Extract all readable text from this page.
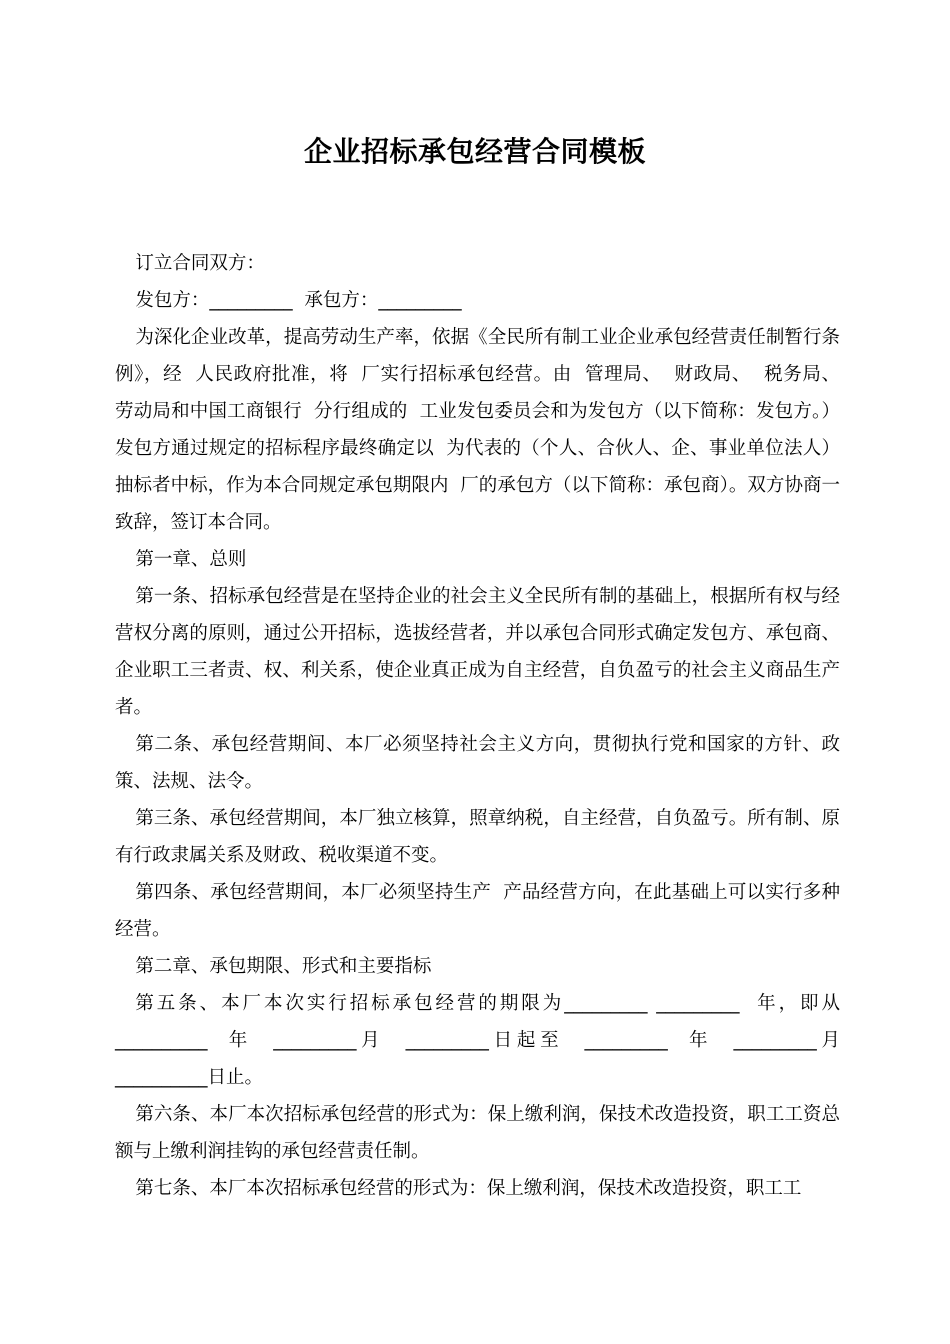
企业招标承包经营合同模板

订立合同双方：

发包方：_________  承包方：_________

为深化企业改革，提高劳动生产率，依据《全民所有制工业企业承包经营责任制暂行条例》，经  人民政府批准，将  厂实行招标承包经营。由  管理局、  财政局、  税务局、  劳动局和中国工商银行  分行组成的  工业发包委员会和为发包方（以下简称：发包方。）发包方通过规定的招标程序最终确定以  为代表的（个人、合伙人、企、事业单位法人）抽标者中标，作为本合同规定承包期限内  厂的承包方（以下简称：承包商）。双方协商一致辞，签订本合同。

第一章、总则

第一条、招标承包经营是在坚持企业的社会主义全民所有制的基础上，根据所有权与经营权分离的原则，通过公开招标，选拔经营者，并以承包合同形式确定发包方、承包商、企业职工三者责、权、利关系，使企业真正成为自主经营，自负盈亏的社会主义商品生产者。

第二条、承包经营期间、本厂必须坚持社会主义方向，贯彻执行党和国家的方针、政策、法规、法令。

第三条、承包经营期间，本厂独立核算，照章纳税，自主经营，自负盈亏。所有制、原有行政隶属关系及财政、税收渠道不变。

第四条、承包经营期间，本厂必须坚持生产  产品经营方向，在此基础上可以实行多种经营。

第二章、承包期限、形式和主要指标

第五条、本厂本次实行招标承包经营的期限为_________ _________  年，即从  __________  年  _________月  _________日起至  _________  年  _________月  __________日止。

第六条、本厂本次招标承包经营的形式为：保上缴利润，保技术改造投资，职工工资总额与上缴利润挂钩的承包经营责任制。

第七条、本厂本次招标承包经营的形式为：保上缴利润，保技术改造投资，职工工
